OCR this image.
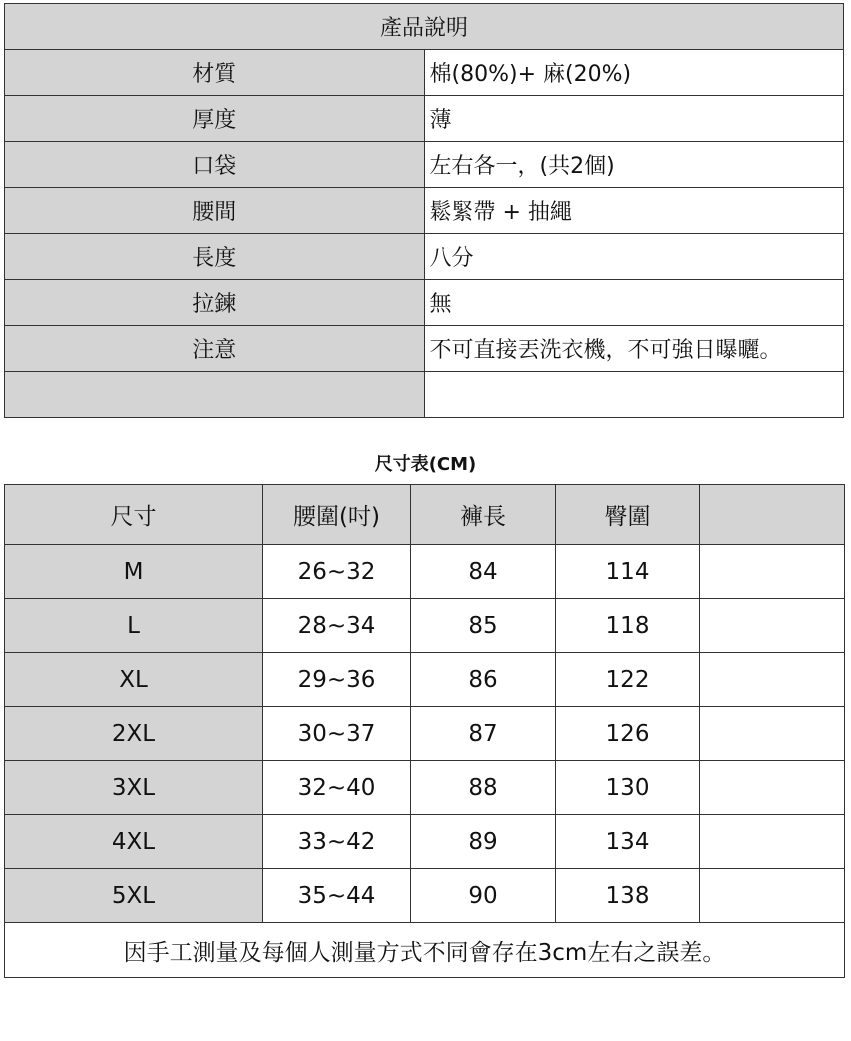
產品說明	
材質	棉(80%)+ 麻(20%)
厚度	薄
口袋	左右各一，(共2個)
腰間	鬆緊帶 + 抽繩
長度	八分
拉鍊	無
注意	不可直接丟洗衣機，不可強日曝曬。

尺寸表(CM)
尺寸	腰圍(吋)	褲長	臀圍	
M	26~32	84	114	
L	28~34	85	118	
XL	29~36	86	122	
2XL	30~37	87	126	
3XL	32~40	88	130	
4XL	33~42	89	134	
5XL	35~44	90	138	
因手工測量及每個人測量方式不同會存在3cm左右之誤差。				
